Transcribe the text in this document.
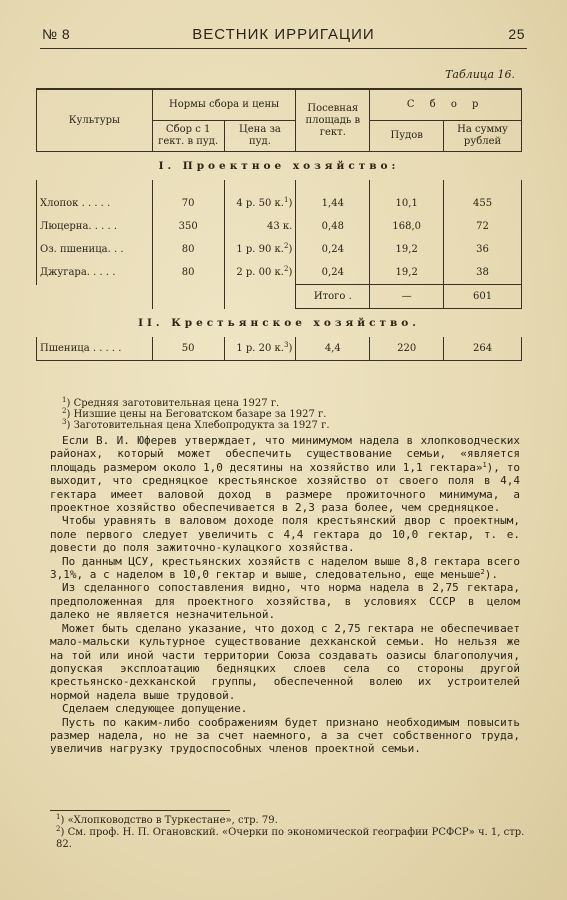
№ 8	ВЕСТНИК ИРРИГАЦИИ	25
Таблица 16.
Культуры	Нормы сбора и цены		Посевная площадь в гект.	С б о р	
	Сбор с 1 гект. в пуд.	Цена за пуд.		Пудов	На сумму рублей
I. Проектное хозяйство:					
Хлопок . . . . .	70	4 р. 50 к.$^1$)	1,44	10,1	455
Люцерна. . . . .	350	43 к.	0,48	168,0	72
Оз. пшеница. . .	80	1 р. 90 к.$^2$)	0,24	19,2	36
Джугара. . . . .	80	2 р. 00 к.$^2$)	0,24	19,2	38
			Итого .	—	601
II. Крестьянское хозяйство.					
Пшеница . . . . .	50	1 р. 20 к.$^3$)	4,4	220	264
$^1$) Средняя заготовительная цена 1927 г.
$^2$) Низшие цены на Беговатском базаре за 1927 г.
$^3$) Заготовительная цена Хлебопродукта за 1927 г.

Если В. И. Юферев утверждает, что минимумом надела в хлопководческих районах, который может обеспечить существование семьи, «является площадь размером около 1,0 десятины на хозяйство или 1,1 гектара»$^1$), то выходит, что средняцкое крестьянское хозяйство от своего поля в 4,4 гектара имеет валовой доход в размере прожиточного минимума, а проектное хозяйство обеспечивается в 2,3 раза более, чем средняцкое.

Чтобы уравнять в валовом доходе поля крестьянский двор с проектным, поле первого следует увеличить с 4,4 гектара до 10,0 гектар, т. е. довести до поля зажиточно-кулацкого хозяйства.

По данным ЦСУ, крестьянских хозяйств с наделом выше 8,8 гектара всего 3,1%, а с наделом в 10,0 гектар и выше, следовательно, еще меньше$^2$).

Из сделанного сопоставления видно, что норма надела в 2,75 гектара, предположенная для проектного хозяйства, в условиях СССР в целом далеко не является незначительной.

Может быть сделано указание, что доход с 2,75 гектара не обеспечивает мало-мальски культурное существование дехканской семьи. Но нельзя же на той или иной части территории Союза создавать оазисы благополучия, допуская эксплоатацию бедняцких слоев села со стороны другой крестьянско-дехканской группы, обеспеченной волею их устроителей нормой надела выше трудовой.

Сделаем следующее допущение.

Пусть по каким-либо соображениям будет признано необходимым повысить размер надела, но не за счет наемного, а за счет собственного труда, увеличив нагрузку трудоспособных членов проектной семьи.

$^1$) «Хлопководство в Туркестане», стр. 79.
$^2$) См. проф. Н. П. Огановский. «Очерки по экономической географии РСФСР» ч. 1, стр. 82.
